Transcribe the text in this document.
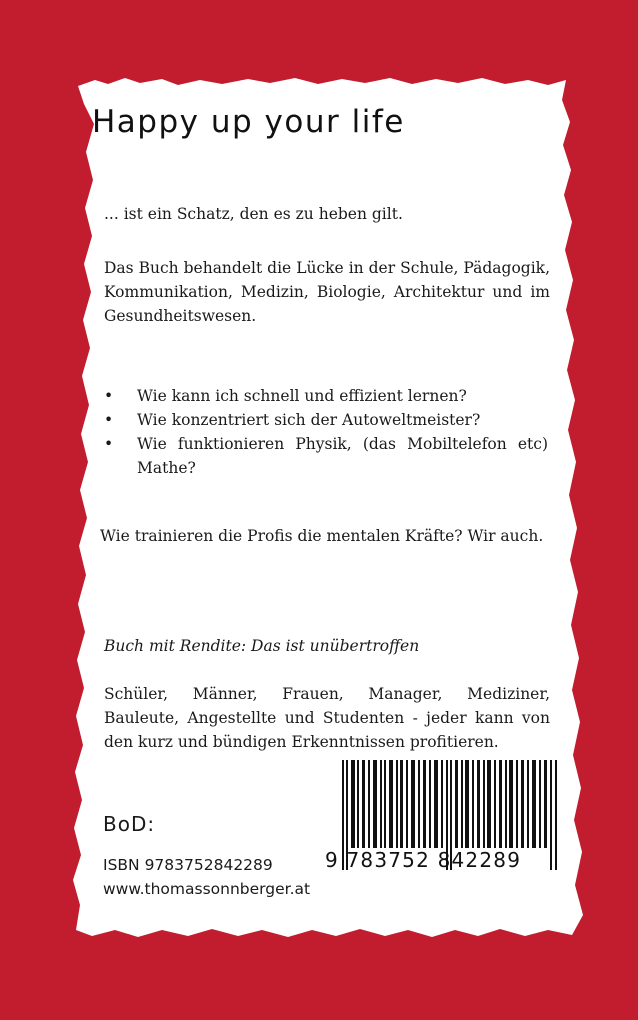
Happy up your life
... ist ein Schatz, den es zu heben gilt.
Das Buch behandelt die Lücke in der Schule, Pädagogik, Kommunikation, Medizin, Biologie, Architektur und im Gesundheitswesen.
• Wie kann ich schnell und effizient lernen?
• Wie konzentriert sich der Autoweltmeister?
• Wie funktionieren Physik, (das Mobiltelefon etc) Mathe?
Wie trainieren die Profis die mentalen Kräfte? Wir auch.
Buch mit Rendite: Das ist unübertroffen
Schüler, Männer, Frauen, Manager, Mediziner, Bauleute, Angestellte und Studenten - jeder kann von den kurz und bündigen Erkenntnissen profitieren.
BoD:
ISBN 9783752842289
www.thomassonnberger.at
9 783752 842289
